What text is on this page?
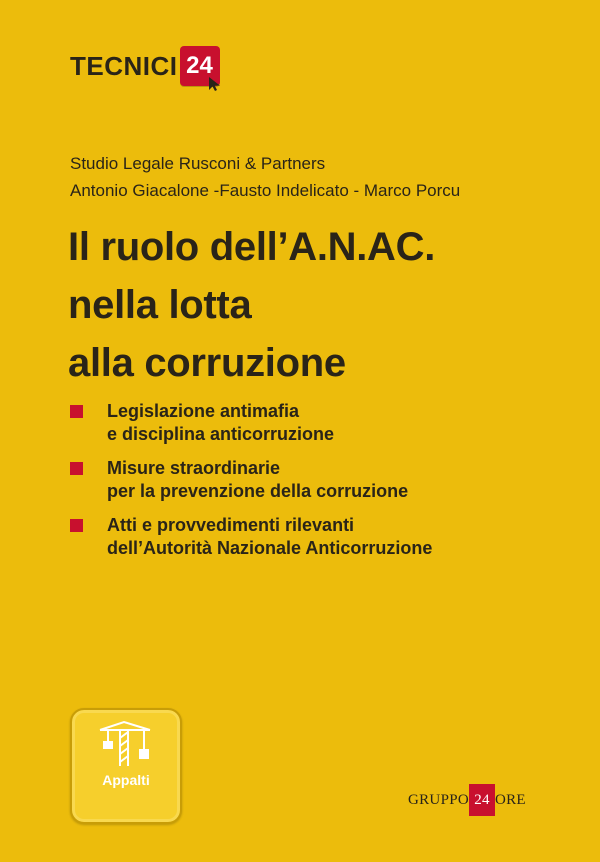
TECNICI 24
Studio Legale Rusconi & Partners
Antonio Giacalone -Fausto Indelicato - Marco Porcu
Il ruolo dell’A.N.AC.
nella lotta
alla corruzione
Legislazione antimafia
e disciplina anticorruzione
Misure straordinarie
per la prevenzione della corruzione
Atti e provvedimenti rilevanti
dell’Autorità Nazionale Anticorruzione
Appalti
GRUPPO 24 ORE
